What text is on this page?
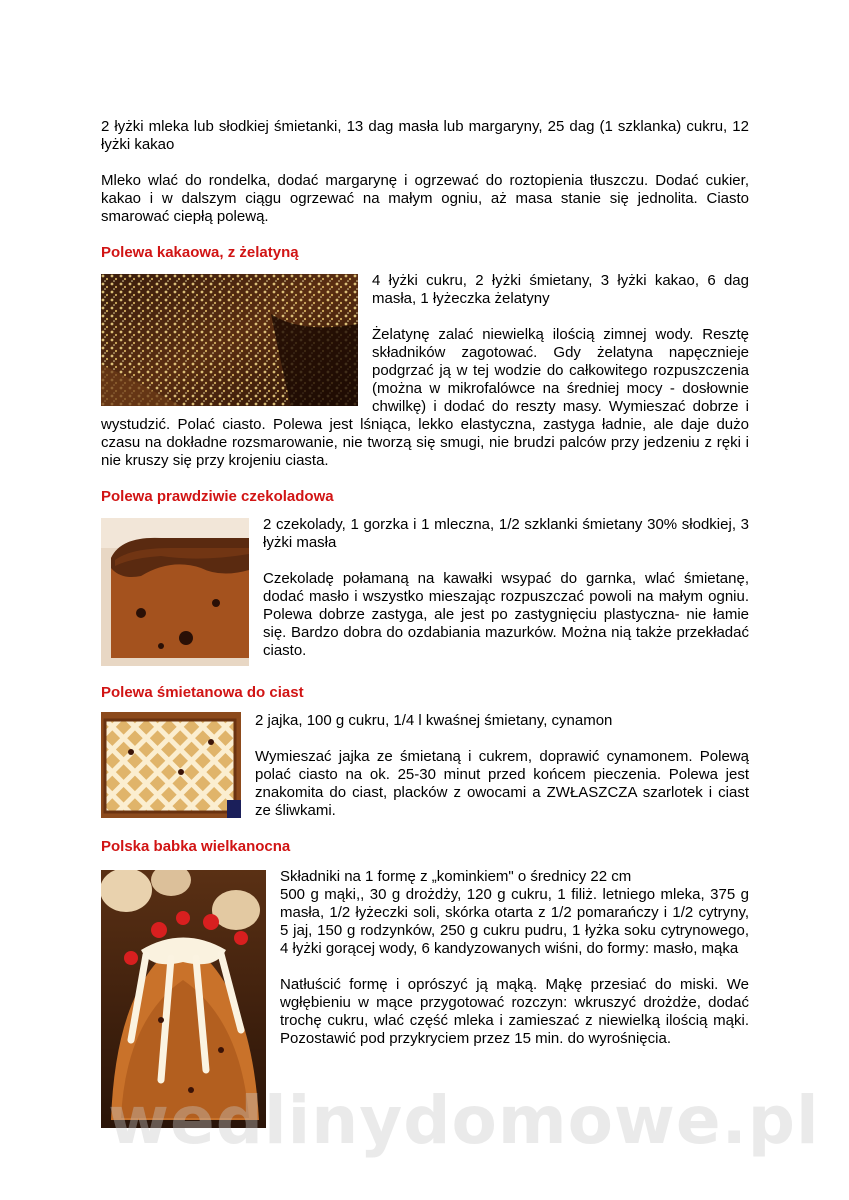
2 łyżki mleka lub słodkiej śmietanki, 13 dag masła lub margaryny, 25 dag (1 szklanka) cukru, 12 łyżki kakao

Mleko wlać do rondelka, dodać margarynę i ogrzewać do roztopienia tłuszczu. Dodać cukier, kakao i w dalszym ciągu ogrzewać na małym ogniu, aż masa stanie się jednolita. Ciasto smarować ciepłą polewą.

Polewa kakaowa, z żelatyną

4 łyżki cukru, 2 łyżki śmietany, 3 łyżki kakao, 6 dag masła, 1 łyżeczka żelatyny

Żelatynę zalać niewielką ilością zimnej wody. Resztę składników zagotować. Gdy żelatyna napęcznieje podgrzać ją w tej wodzie do całkowitego rozpuszczenia (można w mikrofalówce na średniej mocy - dosłownie chwilkę) i dodać do reszty masy. Wymieszać dobrze i wystudzić. Polać ciasto. Polewa jest lśniąca, lekko elastyczna, zastyga ładnie, ale daje dużo czasu na dokładne rozsmarowanie, nie tworzą się smugi, nie brudzi palców przy jedzeniu z ręki i nie kruszy się przy krojeniu ciasta.

Polewa prawdziwie czekoladowa

2 czekolady, 1 gorzka i 1 mleczna, 1/2 szklanki śmietany 30% słodkiej, 3 łyżki masła

Czekoladę połamaną na kawałki wsypać do garnka, wlać śmietanę, dodać masło i wszystko mieszając rozpuszczać powoli na małym ogniu. Polewa dobrze zastyga, ale jest po zastygnięciu plastyczna- nie łamie się. Bardzo dobra do ozdabiania mazurków. Można nią także przekładać ciasto.

Polewa śmietanowa do ciast

2 jajka, 100 g cukru, 1/4 l kwaśnej śmietany, cynamon

Wymieszać jajka ze śmietaną i cukrem, doprawić cynamonem. Polewą polać ciasto na ok. 25-30 minut przed końcem pieczenia. Polewa jest znakomita do ciast, placków z owocami a ZWŁASZCZA szarlotek i ciast ze śliwkami.

Polska babka wielkanocna

Składniki na 1 formę z „kominkiem" o średnicy 22 cm

500 g mąki,, 30 g drożdży, 120 g cukru, 1 filiż. letniego mleka, 375 g masła, 1/2 łyżeczki soli, skórka otarta z 1/2 pomarańczy i 1/2 cytryny, 5 jaj, 150 g rodzynków, 250 g cukru pudru, 1 łyżka soku cytrynowego, 4 łyżki gorącej wody, 6 kandyzowanych wiśni, do formy: masło, mąka

Natłuścić formę i oprószyć ją mąką. Mąkę przesiać do miski. We wgłębieniu w mące przygotować rozczyn: wkruszyć drożdże, dodać trochę cukru, wlać część mleka i zamieszać z niewielką ilością mąki. Pozostawić pod przykryciem przez 15 min. do wyrośnięcia.

wedlinydomowe.pl
